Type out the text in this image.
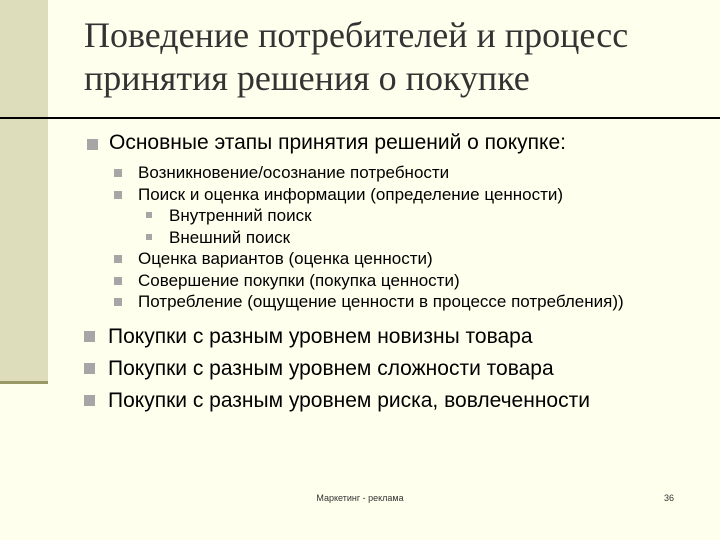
Поведение потребителей и процесс принятия решения о покупке
Основные этапы принятия решений о покупке:
Возникновение/осознание потребности
Поиск и оценка информации (определение ценности)
Внутренний поиск
Внешний поиск
Оценка вариантов (оценка ценности)
Совершение покупки (покупка ценности)
Потребление (ощущение ценности в процессе потребления))
Покупки с разным уровнем новизны товара
Покупки с разным уровнем сложности товара
Покупки с разным уровнем риска, вовлеченности
Маркетинг - реклама	36
